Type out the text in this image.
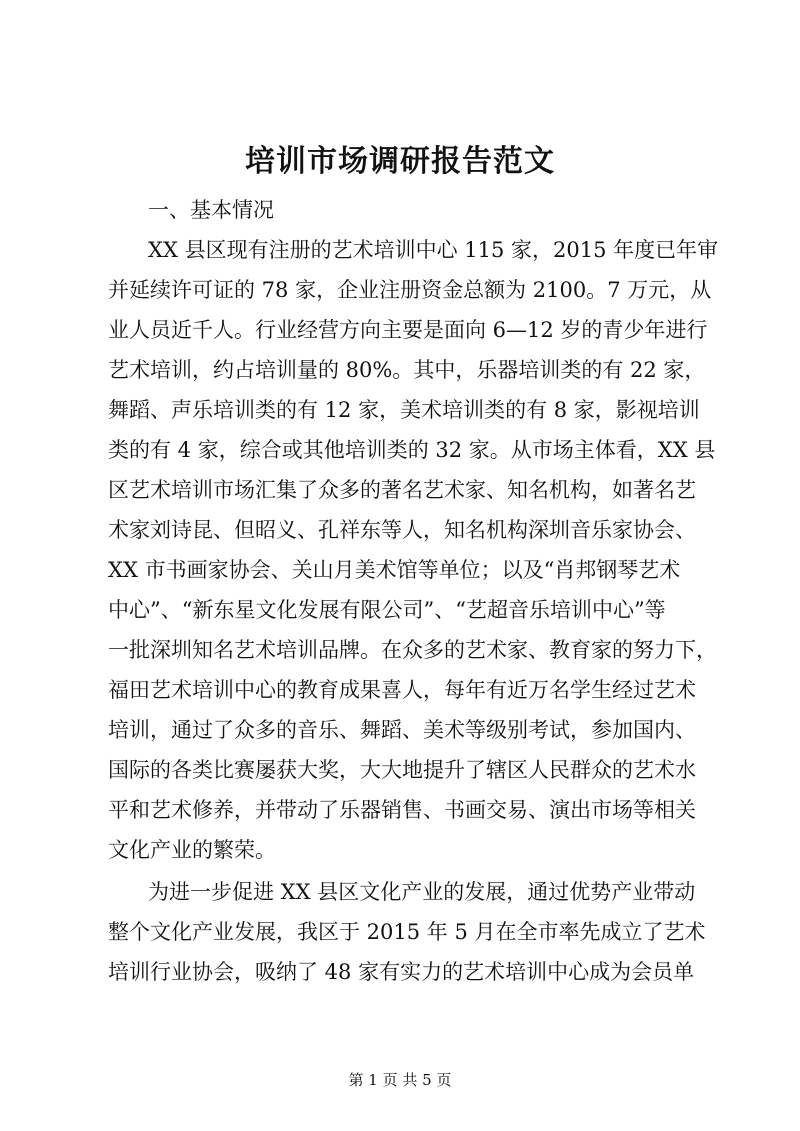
培训市场调研报告范文
一、基本情况
XX 县区现有注册的艺术培训中心 115 家，2015 年度已年审
并延续许可证的 78 家，企业注册资金总额为 2100。7 万元，从
业人员近千人。行业经营方向主要是面向 6—12 岁的青少年进行
艺术培训，约占培训量的 80%。其中，乐器培训类的有 22 家，
舞蹈、声乐培训类的有 12 家，美术培训类的有 8 家，影视培训
类的有 4 家，综合或其他培训类的 32 家。从市场主体看，XX 县
区艺术培训市场汇集了众多的著名艺术家、知名机构，如著名艺
术家刘诗昆、但昭义、孔祥东等人，知名机构深圳音乐家协会、
XX 市书画家协会、关山月美术馆等单位；以及“肖邦钢琴艺术
中心”、“新东星文化发展有限公司”、“艺超音乐培训中心”等
一批深圳知名艺术培训品牌。在众多的艺术家、教育家的努力下，
福田艺术培训中心的教育成果喜人，每年有近万名学生经过艺术
培训，通过了众多的音乐、舞蹈、美术等级别考试，参加国内、
国际的各类比赛屡获大奖，大大地提升了辖区人民群众的艺术水
平和艺术修养，并带动了乐器销售、书画交易、演出市场等相关
文化产业的繁荣。
为进一步促进 XX 县区文化产业的发展，通过优势产业带动
整个文化产业发展，我区于 2015 年 5 月在全市率先成立了艺术
培训行业协会，吸纳了 48 家有实力的艺术培训中心成为会员单
第 1 页 共 5 页
